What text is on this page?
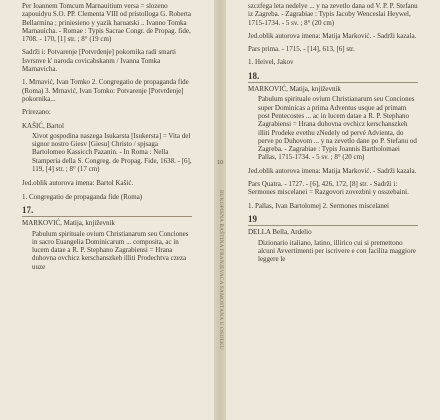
10
RUKOPISNA BAŠTINA FRANJEVACA SAMOSTANA U OSIJEKU

Per Ioannem Tomcum Marnauitium versa = slozeno zapouidyu S.O. PP. Clementa VIII od pristolloga G. Roberta Bellarmina ; priniesieno y yazik haruatski .. Ivanno Tomka Marnauicha. - Romae : Typis Sacrae Congr. de Propag. fide, 1708. - 170, [1] str. ; 8° (19 cm)

Sadrži i: Potvarenje [Potvrđenje] pokornika radi smarti Isvrsnve k' naroda covicabskanm / Ivanna Tomka Marnavicha.

1. Mrnavić, Ivan Tomko 2. Congregatio de propaganda fide (Roma) 3. Mrnavić, Ivan Tomko: Potvarenje [Potvrđenje] pokornika...

Prirezano:

KAŠIĆ, Bartol

Xivot gospodina naszega Isukarsta [Isukersta] = Vita del signor nostro Giesv [Giesu] Christo / spjsaga Bartolomeo Kassicch Pazanin. - In Roma : Nella Stamperia della S. Congreg. de Propag. Fide, 1638. - [6], 119, [4] str. ; 8° (17 cm)

Jed.oblik autorova imena: Bartol Kašić.

1. Congregatio de propaganda fide (Roma)

17.

MARKOVIĆ, Matija, književnik

Pabulum spirituale ovium Christianarum seu Conciones in sacro Euangelia Dominicarum ... composita, ac in lucem datae a R. P. Stephano Zagrabiensi = Hrana duhovna ovchicz kerschanszkeh illiti Prodechtva czeza uuze

szczfega leta nedelye ... y na zevetlo dana od V. P. P. Stefanu iz Zagreba. - Zagrabiae : Typis Jacoby Wenceslai Heywel, 1715-1734. - 5 sv. ; 8° (20 cm)

Jed.oblik autorova imena: Matija Marković. - Sadrži kazala.

Pars prima. - 1715. - [14], 613, [6] str.

1. Heivel, Jakov

18.

MARKOVIĆ, Matija, književnik

Pabulum spirituale ovium Christianarum seu Conciones super Dominicas a prima Adventus usque ad primam post Pentecostes ... ac in lucem datae a R. P. Stephano Zagrabiensi = Hrana duhovna ovchicz kerschanszkeh illiti Prodeke evethu zNedely od pervé Advienta, do perve po Duhovom ... y na zevetlo dane po P. Stefanu od Zagreba. - Zagrabiae : Typis Joannis Bartholomaei Pallas, 1715-1734. - 5 sv. ; 8° (20 cm)

Jed.oblik autorova imena: Matija Marković. - Sadrži kazala.

Pars Quatra. - 1727. - [6], 426, 172, [8] str. - Sadrži i: Sermones miscelanei = Razgovori zovezbni y osszebaini.

1. Pallas, Ivan Bartolomej 2. Sermones miscelanei

19

DELLA Bella, Ardelio

Dizionario italiano, latino, illirico cui si premettono alcuni Avvertimenti per iscrivere e con facilita maggiore leggere le
